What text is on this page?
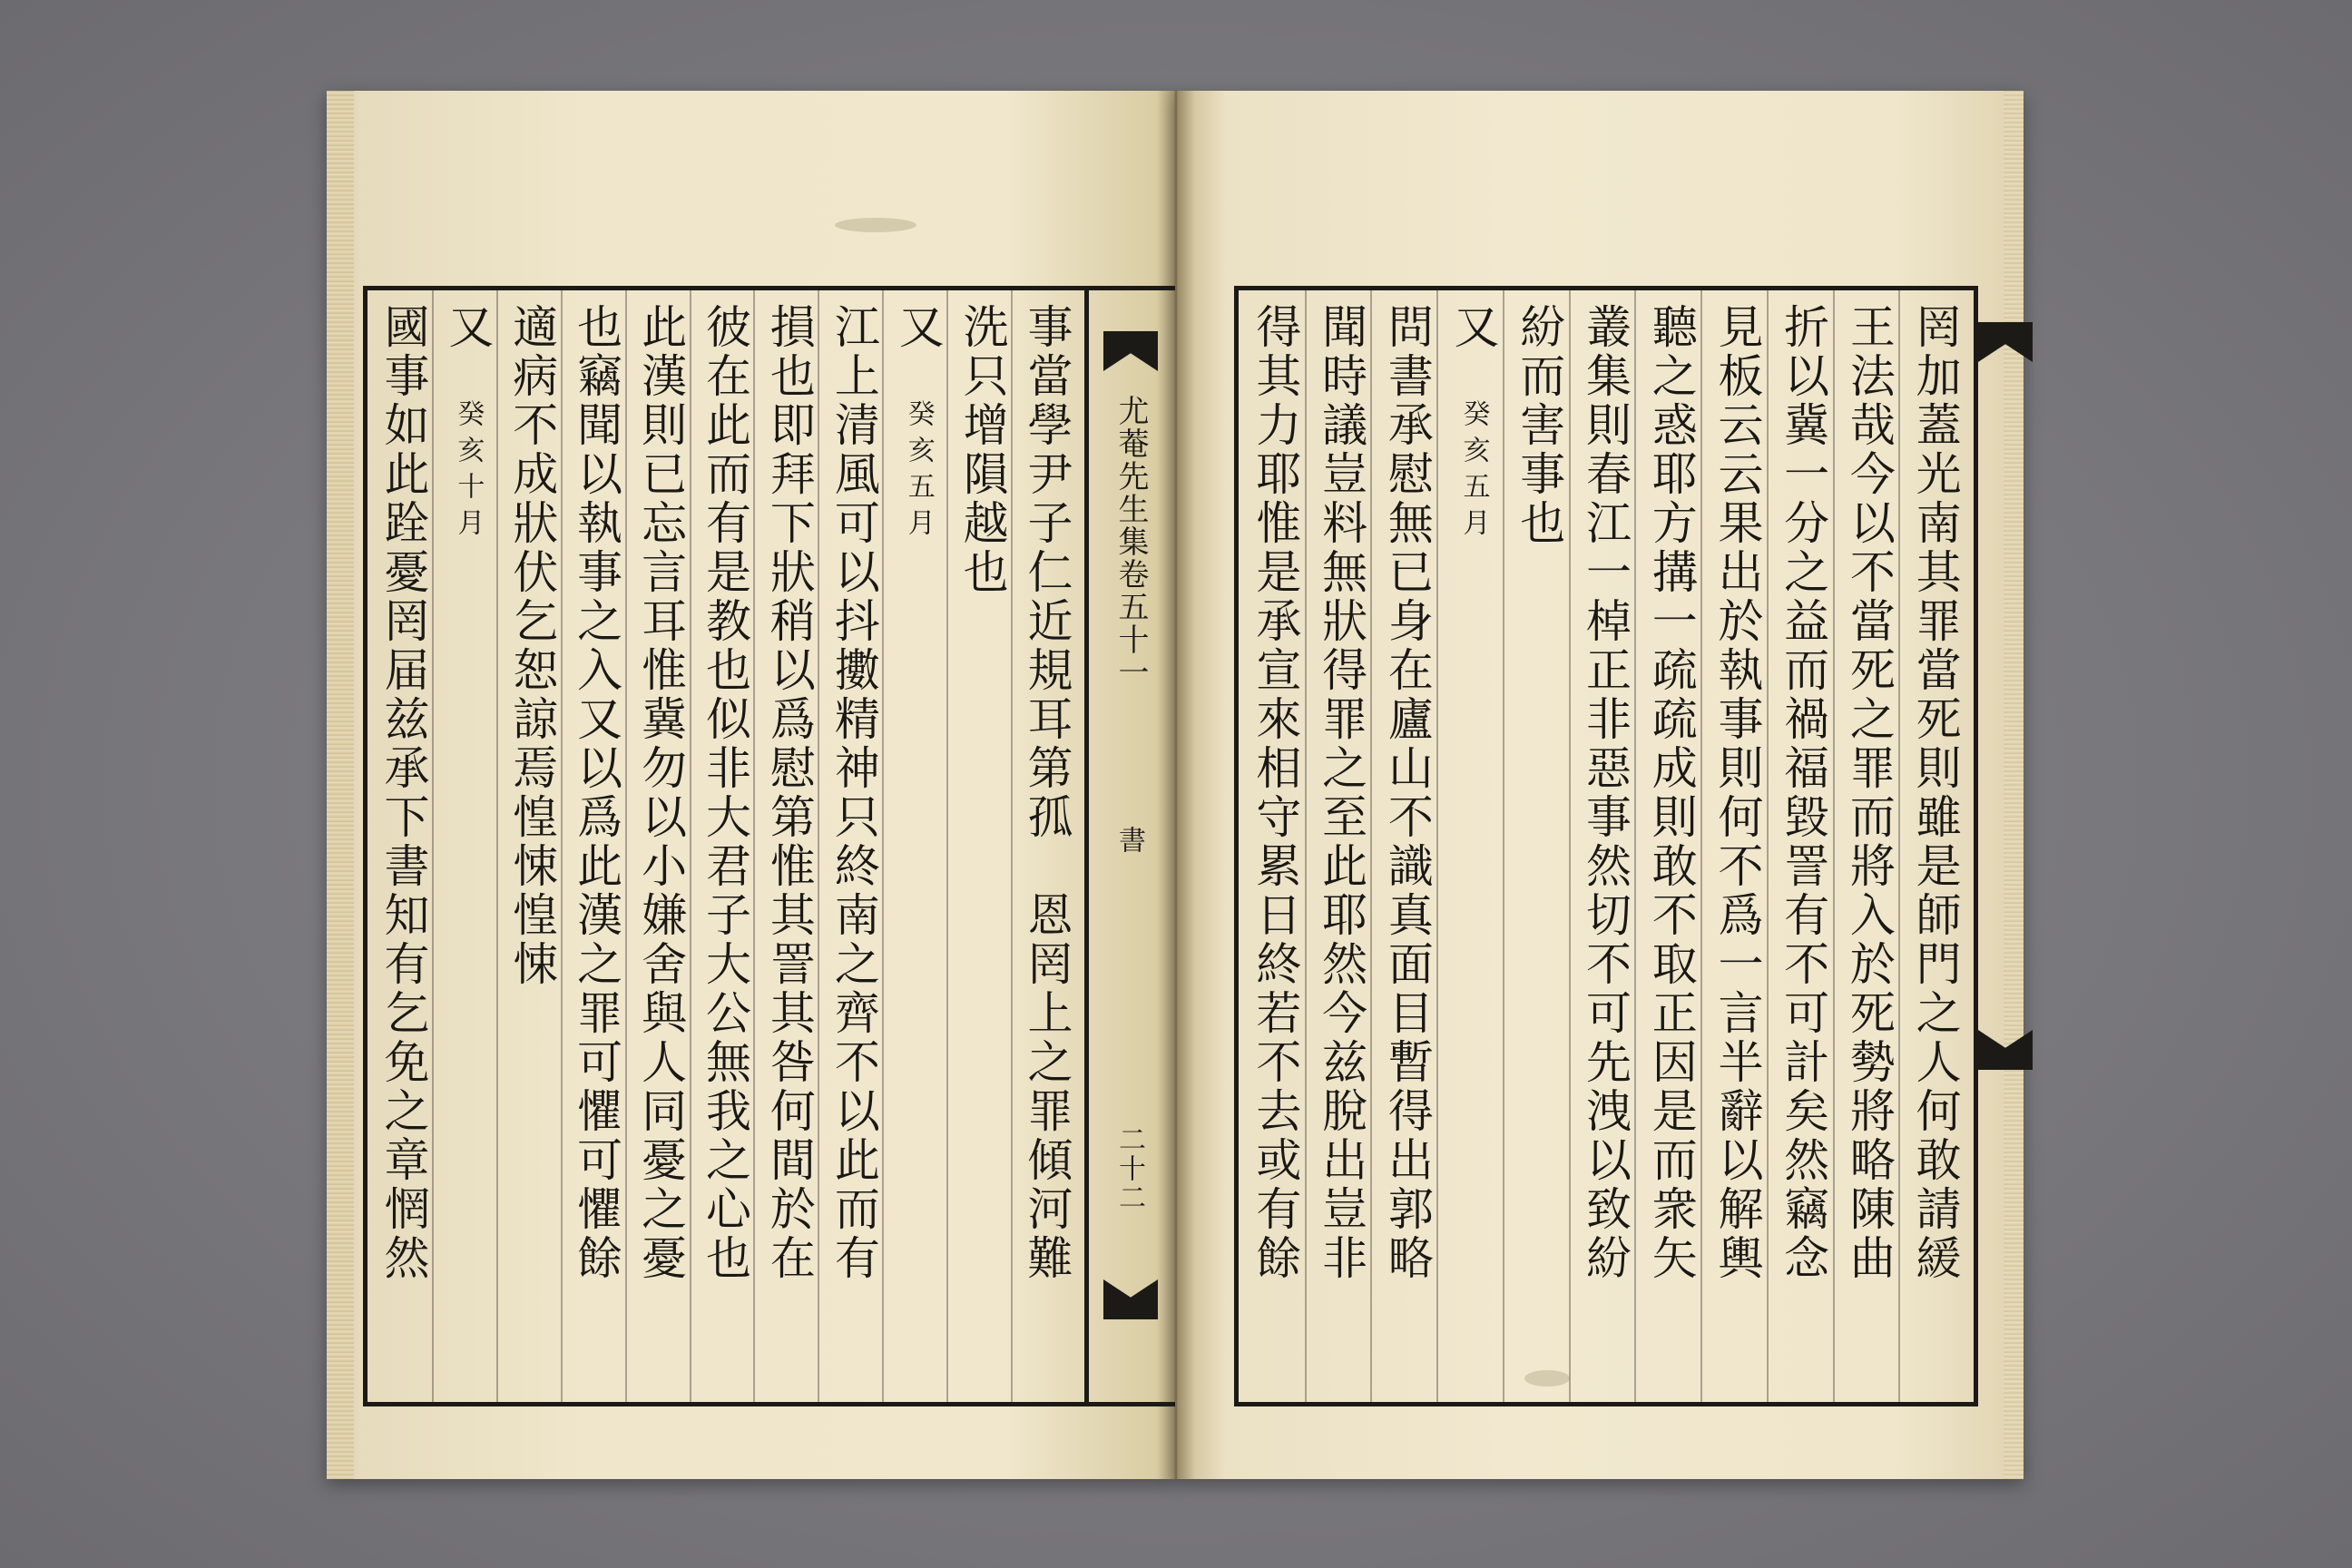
事當學尹子仁近規耳第孤　恩罔上之罪傾河難
洗只增隕越也
又
癸亥五月
江上清風可以抖擻精神只終南之齊不以此而有
損也即拜下狀稍以爲慰第惟其詈其咎何間於在
彼在此而有是教也似非大君子大公無我之心也
此漢則已忘言耳惟冀勿以小嫌舍與人同憂之憂
也竊聞以執事之入又以爲此漢之罪可懼可懼餘
適病不成狀伏乞恕諒焉惶悚惶悚
又
癸亥十月
國事如此跧憂罔届兹承下書知有乞免之章惘然	尤菴先生集卷五十一
書
二十二	罔加蓋光南其罪當死則雖是師門之人何敢請緩
王法哉今以不當死之罪而將入於死勢將略陳曲
折以冀一分之益而禍福毀詈有不可計矣然竊念
見板云云果出於執事則何不爲一言半辭以解輿
聽之惑耶方搆一疏疏成則敢不取正因是而衆矢
叢集則春江一棹正非惡事然切不可先洩以致紛
紛而害事也
又
癸亥五月
問書承慰無已身在廬山不識真面目暫得出郭略
聞時議豈料無狀得罪之至此耶然今兹脫出豈非
得其力耶惟是承宣來相守累日終若不去或有餘
